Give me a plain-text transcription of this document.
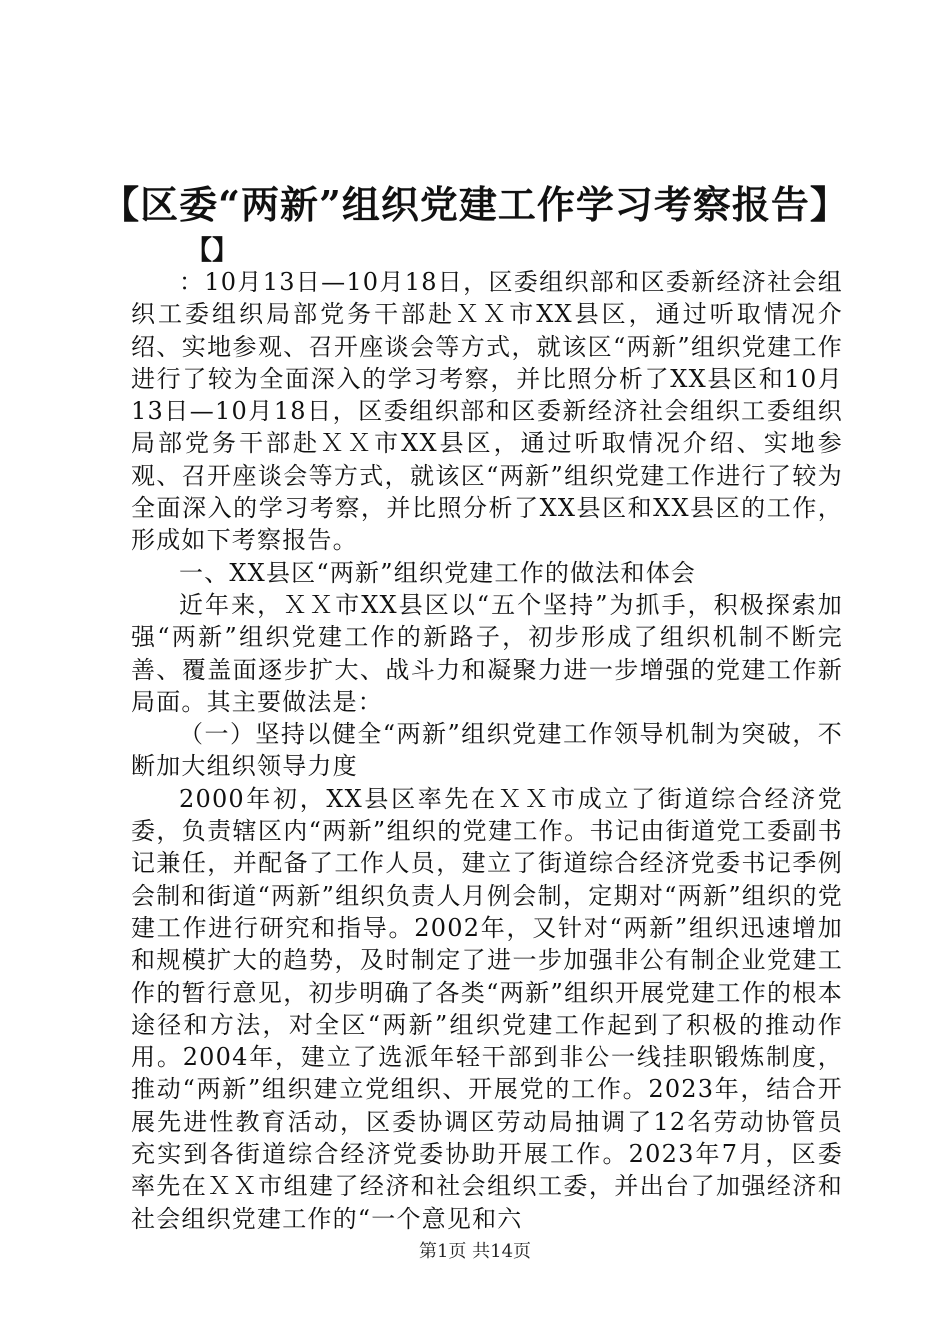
【区委“两新”组织党建工作学习考察报告】
【】

：10月13日—10月18日，区委组织部和区委新经济社会组织工委组织局部党务干部赴ＸＸ市XX县区，通过听取情况介绍、实地参观、召开座谈会等方式，就该区“两新”组织党建工作进行了较为全面深入的学习考察，并比照分析了XX县区和10月13日—10月18日，区委组织部和区委新经济社会组织工委组织局部党务干部赴ＸＸ市XX县区，通过听取情况介绍、实地参观、召开座谈会等方式，就该区“两新”组织党建工作进行了较为全面深入的学习考察，并比照分析了XX县区和XX县区的工作，形成如下考察报告。

一、XX县区“两新”组织党建工作的做法和体会

近年来，ＸＸ市XX县区以“五个坚持”为抓手，积极探索加强“两新”组织党建工作的新路子，初步形成了组织机制不断完善、覆盖面逐步扩大、战斗力和凝聚力进一步增强的党建工作新局面。其主要做法是：

（一）坚持以健全“两新”组织党建工作领导机制为突破，不断加大组织领导力度

2000年初，XX县区率先在ＸＸ市成立了街道综合经济党委，负责辖区内“两新”组织的党建工作。书记由街道党工委副书记兼任，并配备了工作人员，建立了街道综合经济党委书记季例会制和街道“两新”组织负责人月例会制，定期对“两新”组织的党建工作进行研究和指导。2002年，又针对“两新”组织迅速增加和规模扩大的趋势，及时制定了进一步加强非公有制企业党建工作的暂行意见，初步明确了各类“两新”组织开展党建工作的根本途径和方法，对全区“两新”组织党建工作起到了积极的推动作用。2004年，建立了选派年轻干部到非公一线挂职锻炼制度，推动“两新”组织建立党组织、开展党的工作。2023年，结合开展先进性教育活动，区委协调区劳动局抽调了12名劳动协管员充实到各街道综合经济党委协助开展工作。2023年7月，区委率先在ＸＸ市组建了经济和社会组织工委，并出台了加强经济和社会组织党建工作的“一个意见和六

第1页 共14页
